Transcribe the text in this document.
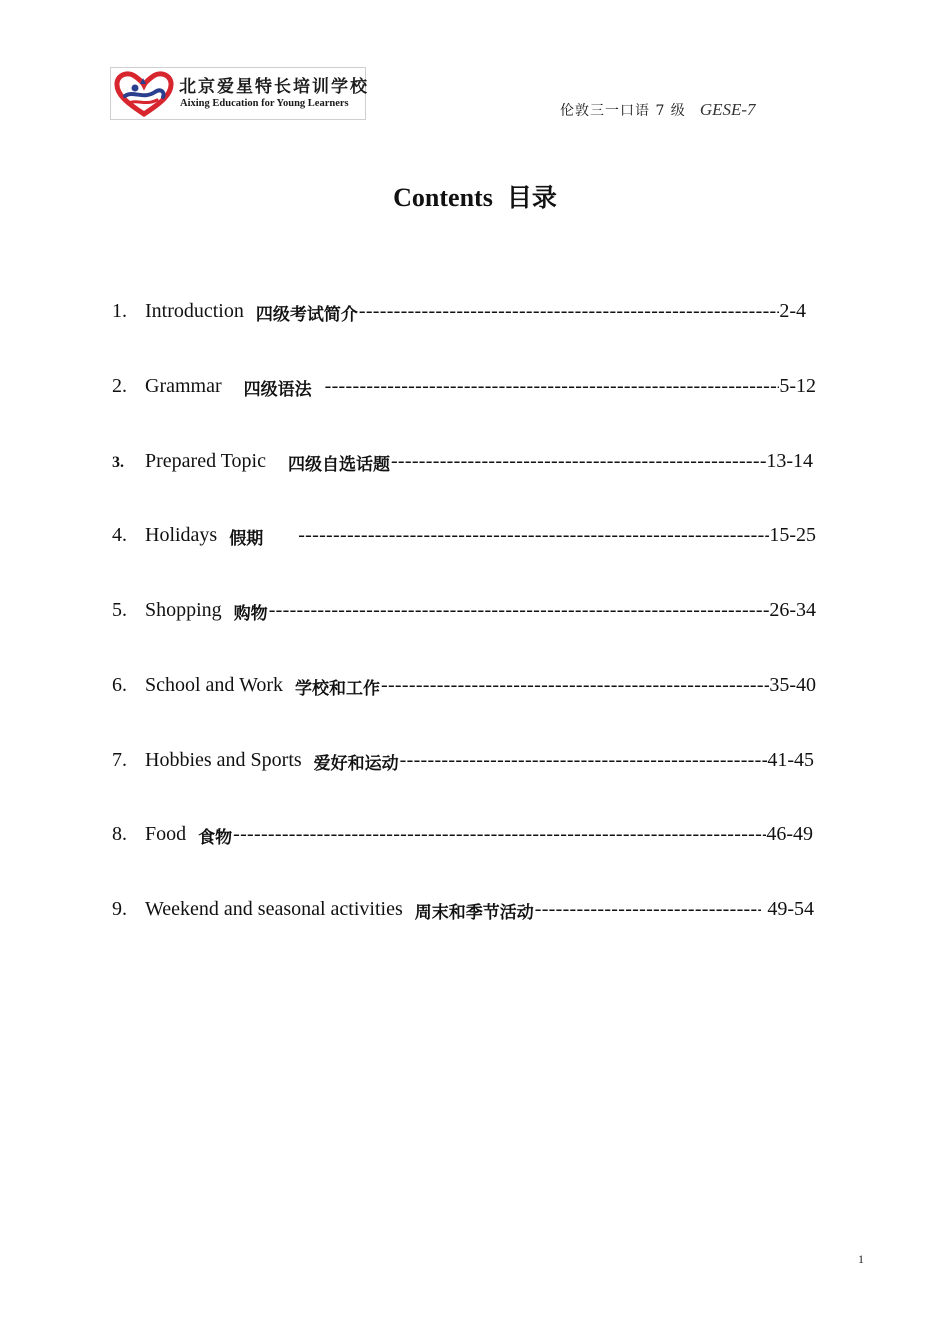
北京爱星特长培训学校
Aixing Education for Young Learners	伦敦三一口语 7 级 GESE-7
Contents 目录
1. Introduction 四级考试简介 -----	2-4
2. Grammar 四级语法 -----	5-12
3.	Prepared Topic 四级自选话题 -----	13-14
4. Holidays 假期 -----	15-25
5. Shopping 购物 -----	26-34
6. School and Work 学校和工作 -----	35-40
7. Hobbies and Sports 爱好和运动 -----	41-45
8. Food 食物 -----	46-49
9. Weekend and seasonal activities 周末和季节活动 -----	49-54
1
